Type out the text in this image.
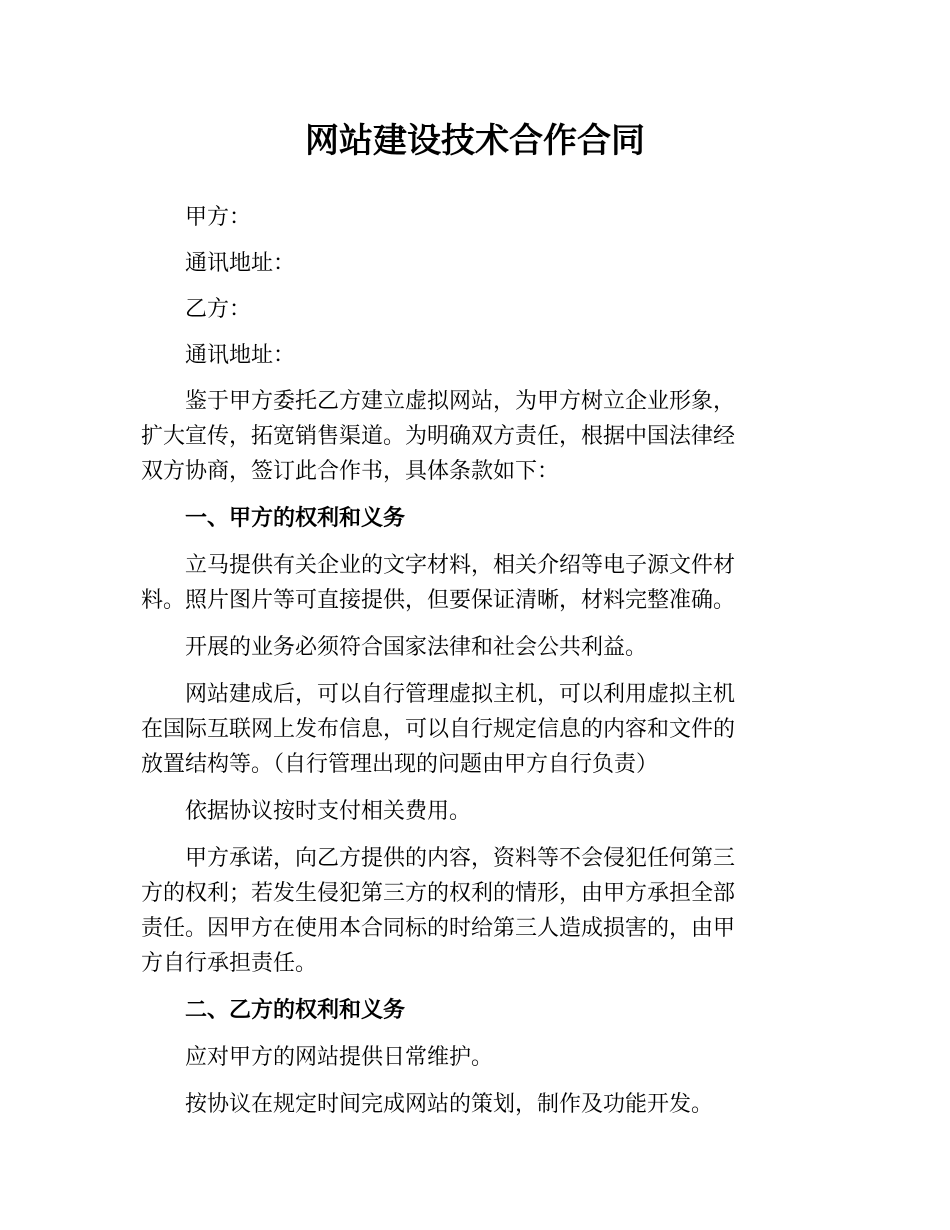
网站建设技术合作合同

甲方：

通讯地址：

乙方：

通讯地址：

鉴于甲方委托乙方建立虚拟网站，为甲方树立企业形象，

扩大宣传，拓宽销售渠道。为明确双方责任，根据中国法律经

双方协商，签订此合作书，具体条款如下：

一、甲方的权利和义务

立马提供有关企业的文字材料，相关介绍等电子源文件材

料。照片图片等可直接提供，但要保证清晰，材料完整准确。

开展的业务必须符合国家法律和社会公共利益。

网站建成后，可以自行管理虚拟主机，可以利用虚拟主机

在国际互联网上发布信息，可以自行规定信息的内容和文件的

放置结构等。（自行管理出现的问题由甲方自行负责）

依据协议按时支付相关费用。

甲方承诺，向乙方提供的内容，资料等不会侵犯任何第三

方的权利；若发生侵犯第三方的权利的情形，由甲方承担全部

责任。因甲方在使用本合同标的时给第三人造成损害的，由甲

方自行承担责任。

二、乙方的权利和义务

应对甲方的网站提供日常维护。

按协议在规定时间完成网站的策划，制作及功能开发。
